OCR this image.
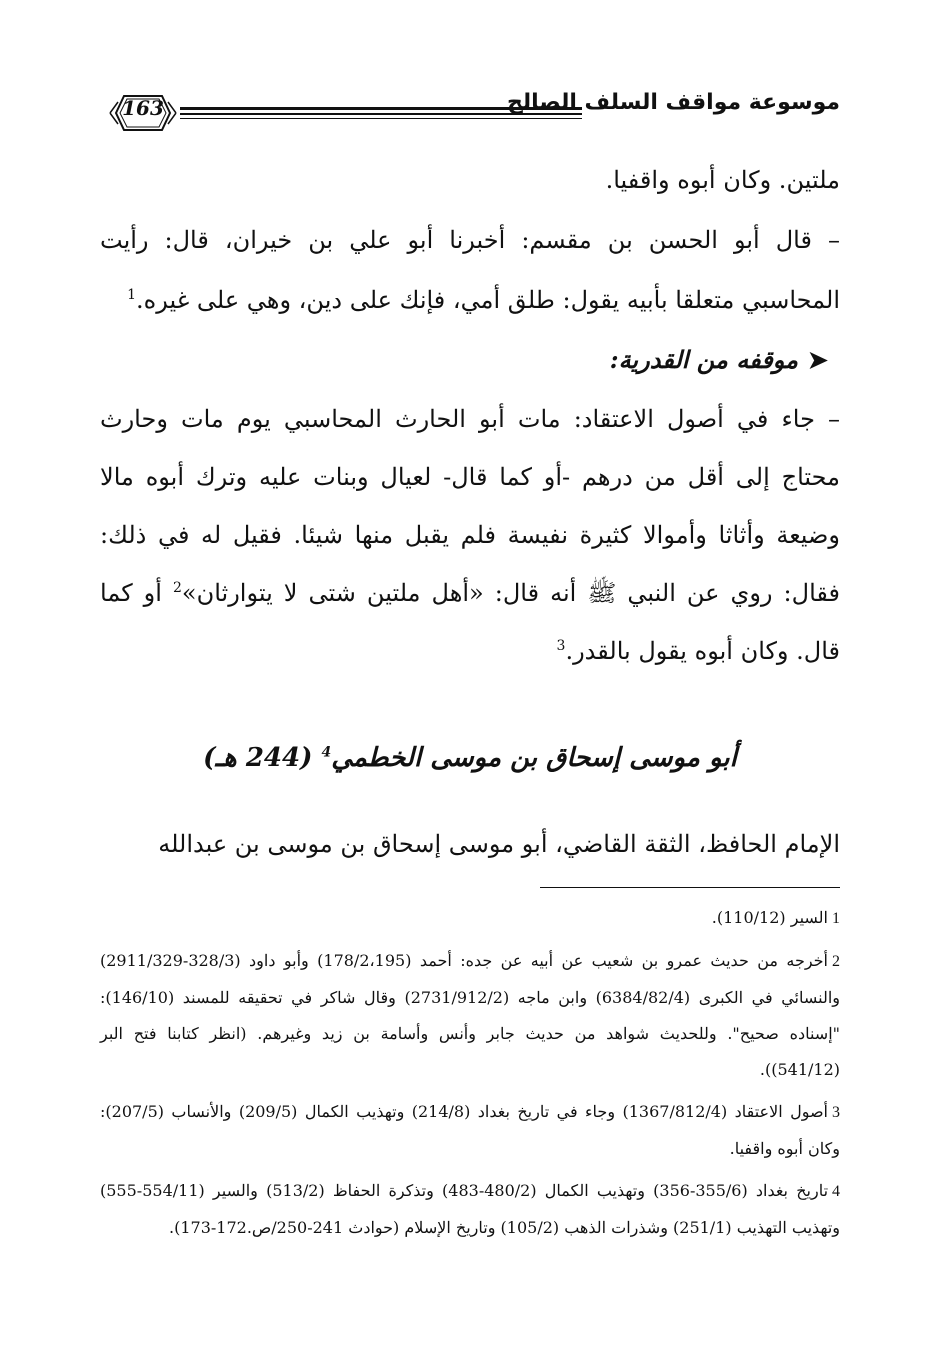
163	موسوعة مواقف السلف الصالح

ملتين. وكان أبوه واقفيا.

– قال أبو الحسن بن مقسم: أخبرنا أبو علي بن خيران، قال: رأيت المحاسبي متعلقا بأبيه يقول: طلق أمي، فإنك على دين، وهي على غيره.$^1$

➤موقفه من القدرية:

– جاء في أصول الاعتقاد: مات أبو الحارث المحاسبي يوم مات وحارث محتاج إلى أقل من درهم -أو كما قال- لعيال وبنات عليه وترك أبوه مالا وضيعة وأثاثا وأموالا كثيرة نفيسة فلم يقبل منها شيئا. فقيل له في ذلك: فقال: روي عن النبي ﷺ أنه قال: «أهل ملتين شتى لا يتوارثان»$^2$ أو كما قال. وكان أبوه يقول بالقدر.$^3$

أبو موسى إسحاق بن موسى الخطمي$^4$ (244 هـ)

الإمام الحافظ، الثقة القاضي، أبو موسى إسحاق بن موسى بن عبدالله

1السير (110/12).

2أخرجه من حديث عمرو بن شعيب عن أبيه عن جده: أحمد (178/2،195) وأبو داود (328/3-2911/329) والنسائي في الكبرى (6384/82/4) وابن ماجه (2731/912/2) وقال شاكر في تحقيقه للمسند (146/10): "إسناده صحيح". وللحديث شواهد من حديث جابر وأنس وأسامة بن زيد وغيرهم. (انظر كتابنا فتح البر (541/12)).

3أصول الاعتقاد (1367/812/4) وجاء في تاريخ بغداد (214/8) وتهذيب الكمال (209/5) والأنساب (207/5): وكان أبوه واقفيا.

4تاريخ بغداد (355/6-356) وتهذيب الكمال (480/2-483) وتذكرة الحفاظ (513/2) والسير (554/11-555) وتهذيب التهذيب (251/1) وشذرات الذهب (105/2) وتاريخ الإسلام (حوادث 241-250/ص.172-173).
